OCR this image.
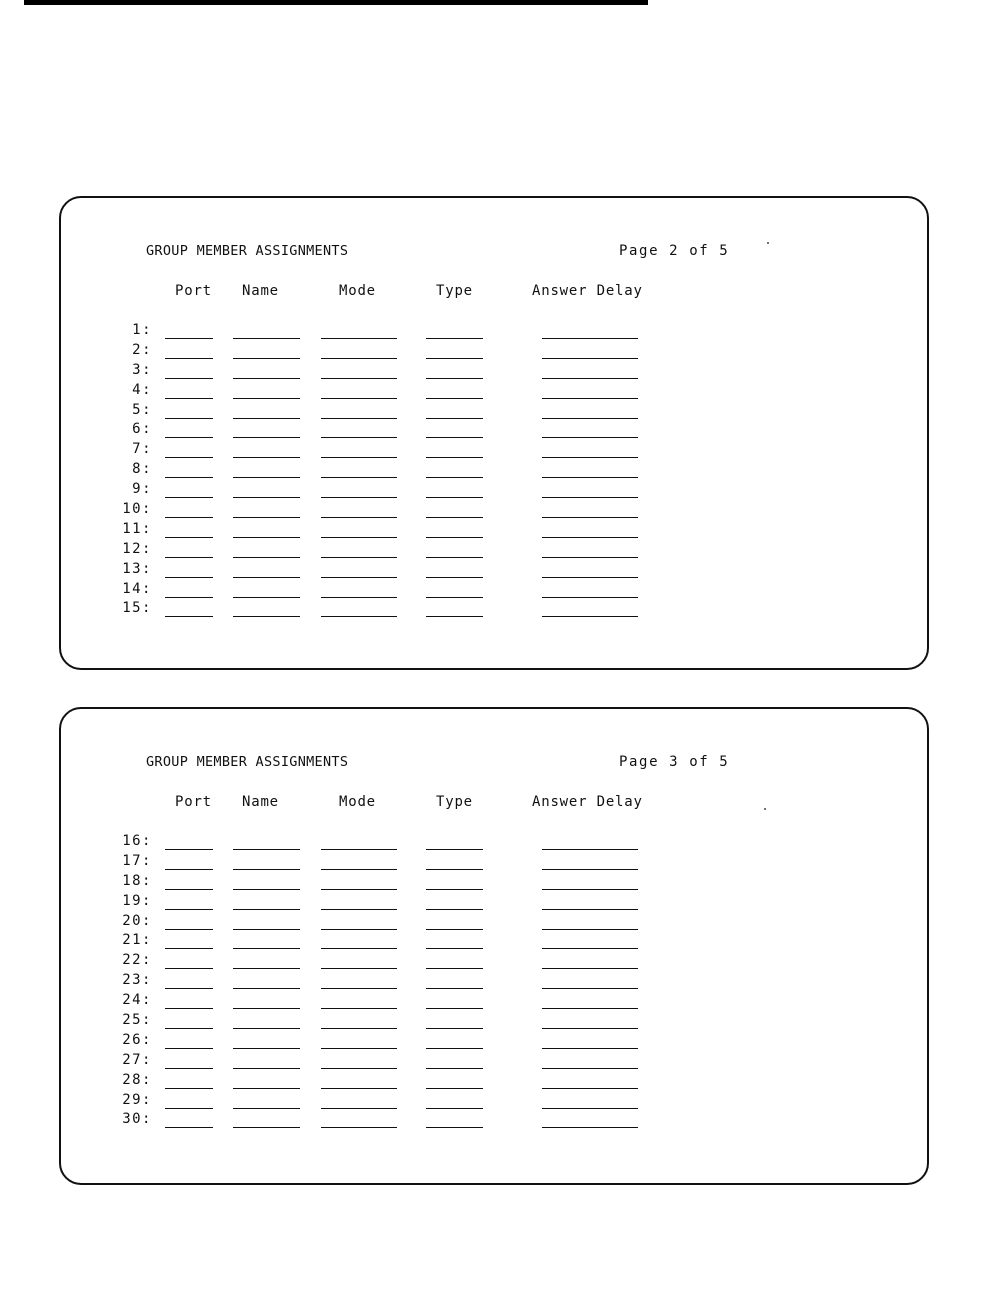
GROUP MEMBER ASSIGNMENTS	Page 2 of 5
Port Name	Mode	Type	Answer Delay
1:
2:
3:
4:
5:
6:
7:
8:
9:
10:
11:
12:
13:
14:
15:
GROUP MEMBER ASSIGNMENTS	Page 3 of 5
Port Name	Mode	Type	Answer Delay
16:
17:
18:
19:
20:
21:
22:
23:
24:
25:
26:
27:
28:
29:
30:
